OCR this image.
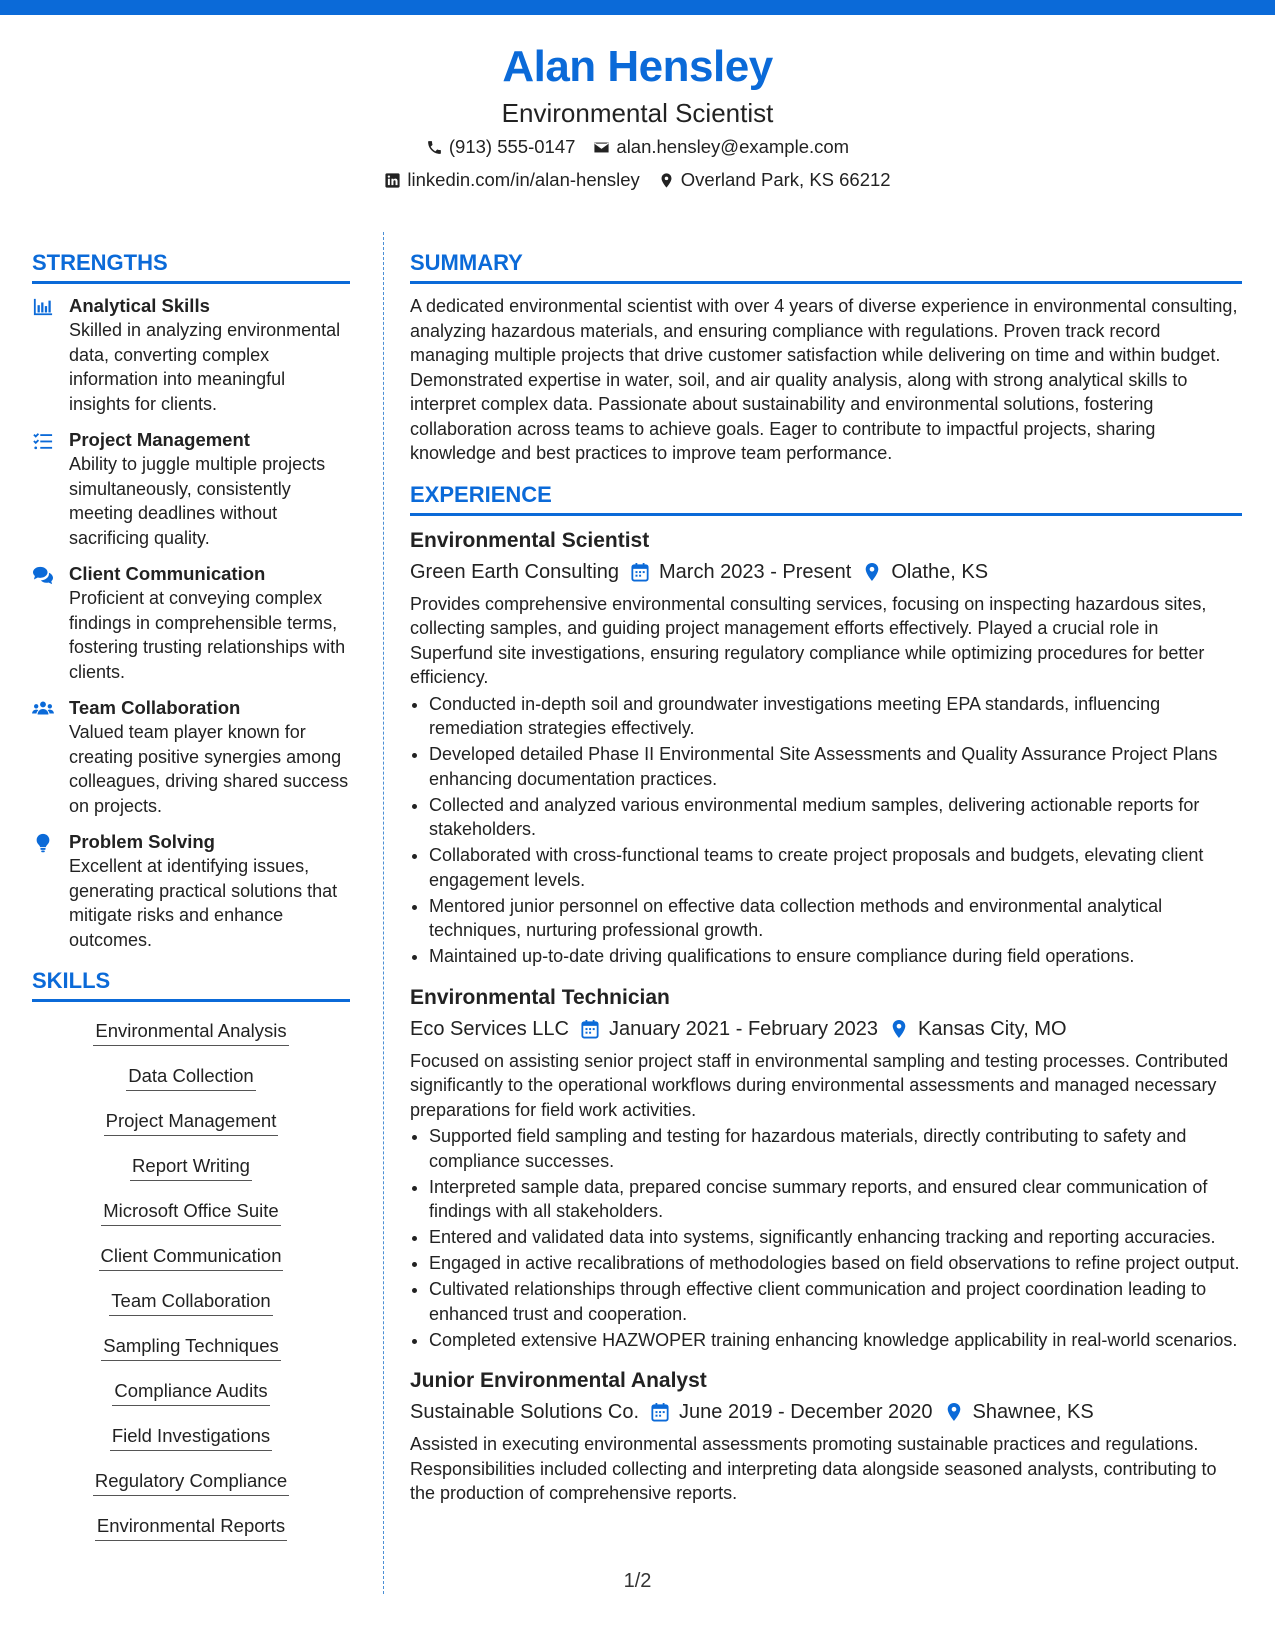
Alan Hensley
Environmental Scientist
(913) 555-0147 alan.hensley@example.com
linkedin.com/in/alan-hensley Overland Park, KS 66212
STRENGTHS
Analytical Skills
Skilled in analyzing environmental data, converting complex information into meaningful insights for clients.
Project Management
Ability to juggle multiple projects simultaneously, consistently meeting deadlines without sacrificing quality.
Client Communication
Proficient at conveying complex findings in comprehensible terms, fostering trusting relationships with clients.
Team Collaboration
Valued team player known for creating positive synergies among colleagues, driving shared success on projects.
Problem Solving
Excellent at identifying issues, generating practical solutions that mitigate risks and enhance outcomes.
SKILLS
Environmental Analysis
Data Collection
Project Management
Report Writing
Microsoft Office Suite
Client Communication
Team Collaboration
Sampling Techniques
Compliance Audits
Field Investigations
Regulatory Compliance
Environmental Reports
SUMMARY
A dedicated environmental scientist with over 4 years of diverse experience in environmental consulting, analyzing hazardous materials, and ensuring compliance with regulations. Proven track record managing multiple projects that drive customer satisfaction while delivering on time and within budget. Demonstrated expertise in water, soil, and air quality analysis, along with strong analytical skills to interpret complex data. Passionate about sustainability and environmental solutions, fostering collaboration across teams to achieve goals. Eager to contribute to impactful projects, sharing knowledge and best practices to improve team performance.
EXPERIENCE
Environmental Scientist
Green Earth Consulting March 2023 - Present Olathe, KS
Provides comprehensive environmental consulting services, focusing on inspecting hazardous sites, collecting samples, and guiding project management efforts effectively. Played a crucial role in Superfund site investigations, ensuring regulatory compliance while optimizing procedures for better efficiency.
• Conducted in-depth soil and groundwater investigations meeting EPA standards, influencing remediation strategies effectively.
• Developed detailed Phase II Environmental Site Assessments and Quality Assurance Project Plans enhancing documentation practices.
• Collected and analyzed various environmental medium samples, delivering actionable reports for stakeholders.
• Collaborated with cross-functional teams to create project proposals and budgets, elevating client engagement levels.
• Mentored junior personnel on effective data collection methods and environmental analytical techniques, nurturing professional growth.
• Maintained up-to-date driving qualifications to ensure compliance during field operations.
Environmental Technician
Eco Services LLC January 2021 - February 2023 Kansas City, MO
Focused on assisting senior project staff in environmental sampling and testing processes. Contributed significantly to the operational workflows during environmental assessments and managed necessary preparations for field work activities.
• Supported field sampling and testing for hazardous materials, directly contributing to safety and compliance successes.
• Interpreted sample data, prepared concise summary reports, and ensured clear communication of findings with all stakeholders.
• Entered and validated data into systems, significantly enhancing tracking and reporting accuracies.
• Engaged in active recalibrations of methodologies based on field observations to refine project output.
• Cultivated relationships through effective client communication and project coordination leading to enhanced trust and cooperation.
• Completed extensive HAZWOPER training enhancing knowledge applicability in real-world scenarios.
Junior Environmental Analyst
Sustainable Solutions Co. June 2019 - December 2020 Shawnee, KS
Assisted in executing environmental assessments promoting sustainable practices and regulations. Responsibilities included collecting and interpreting data alongside seasoned analysts, contributing to the production of comprehensive reports.
1/2
